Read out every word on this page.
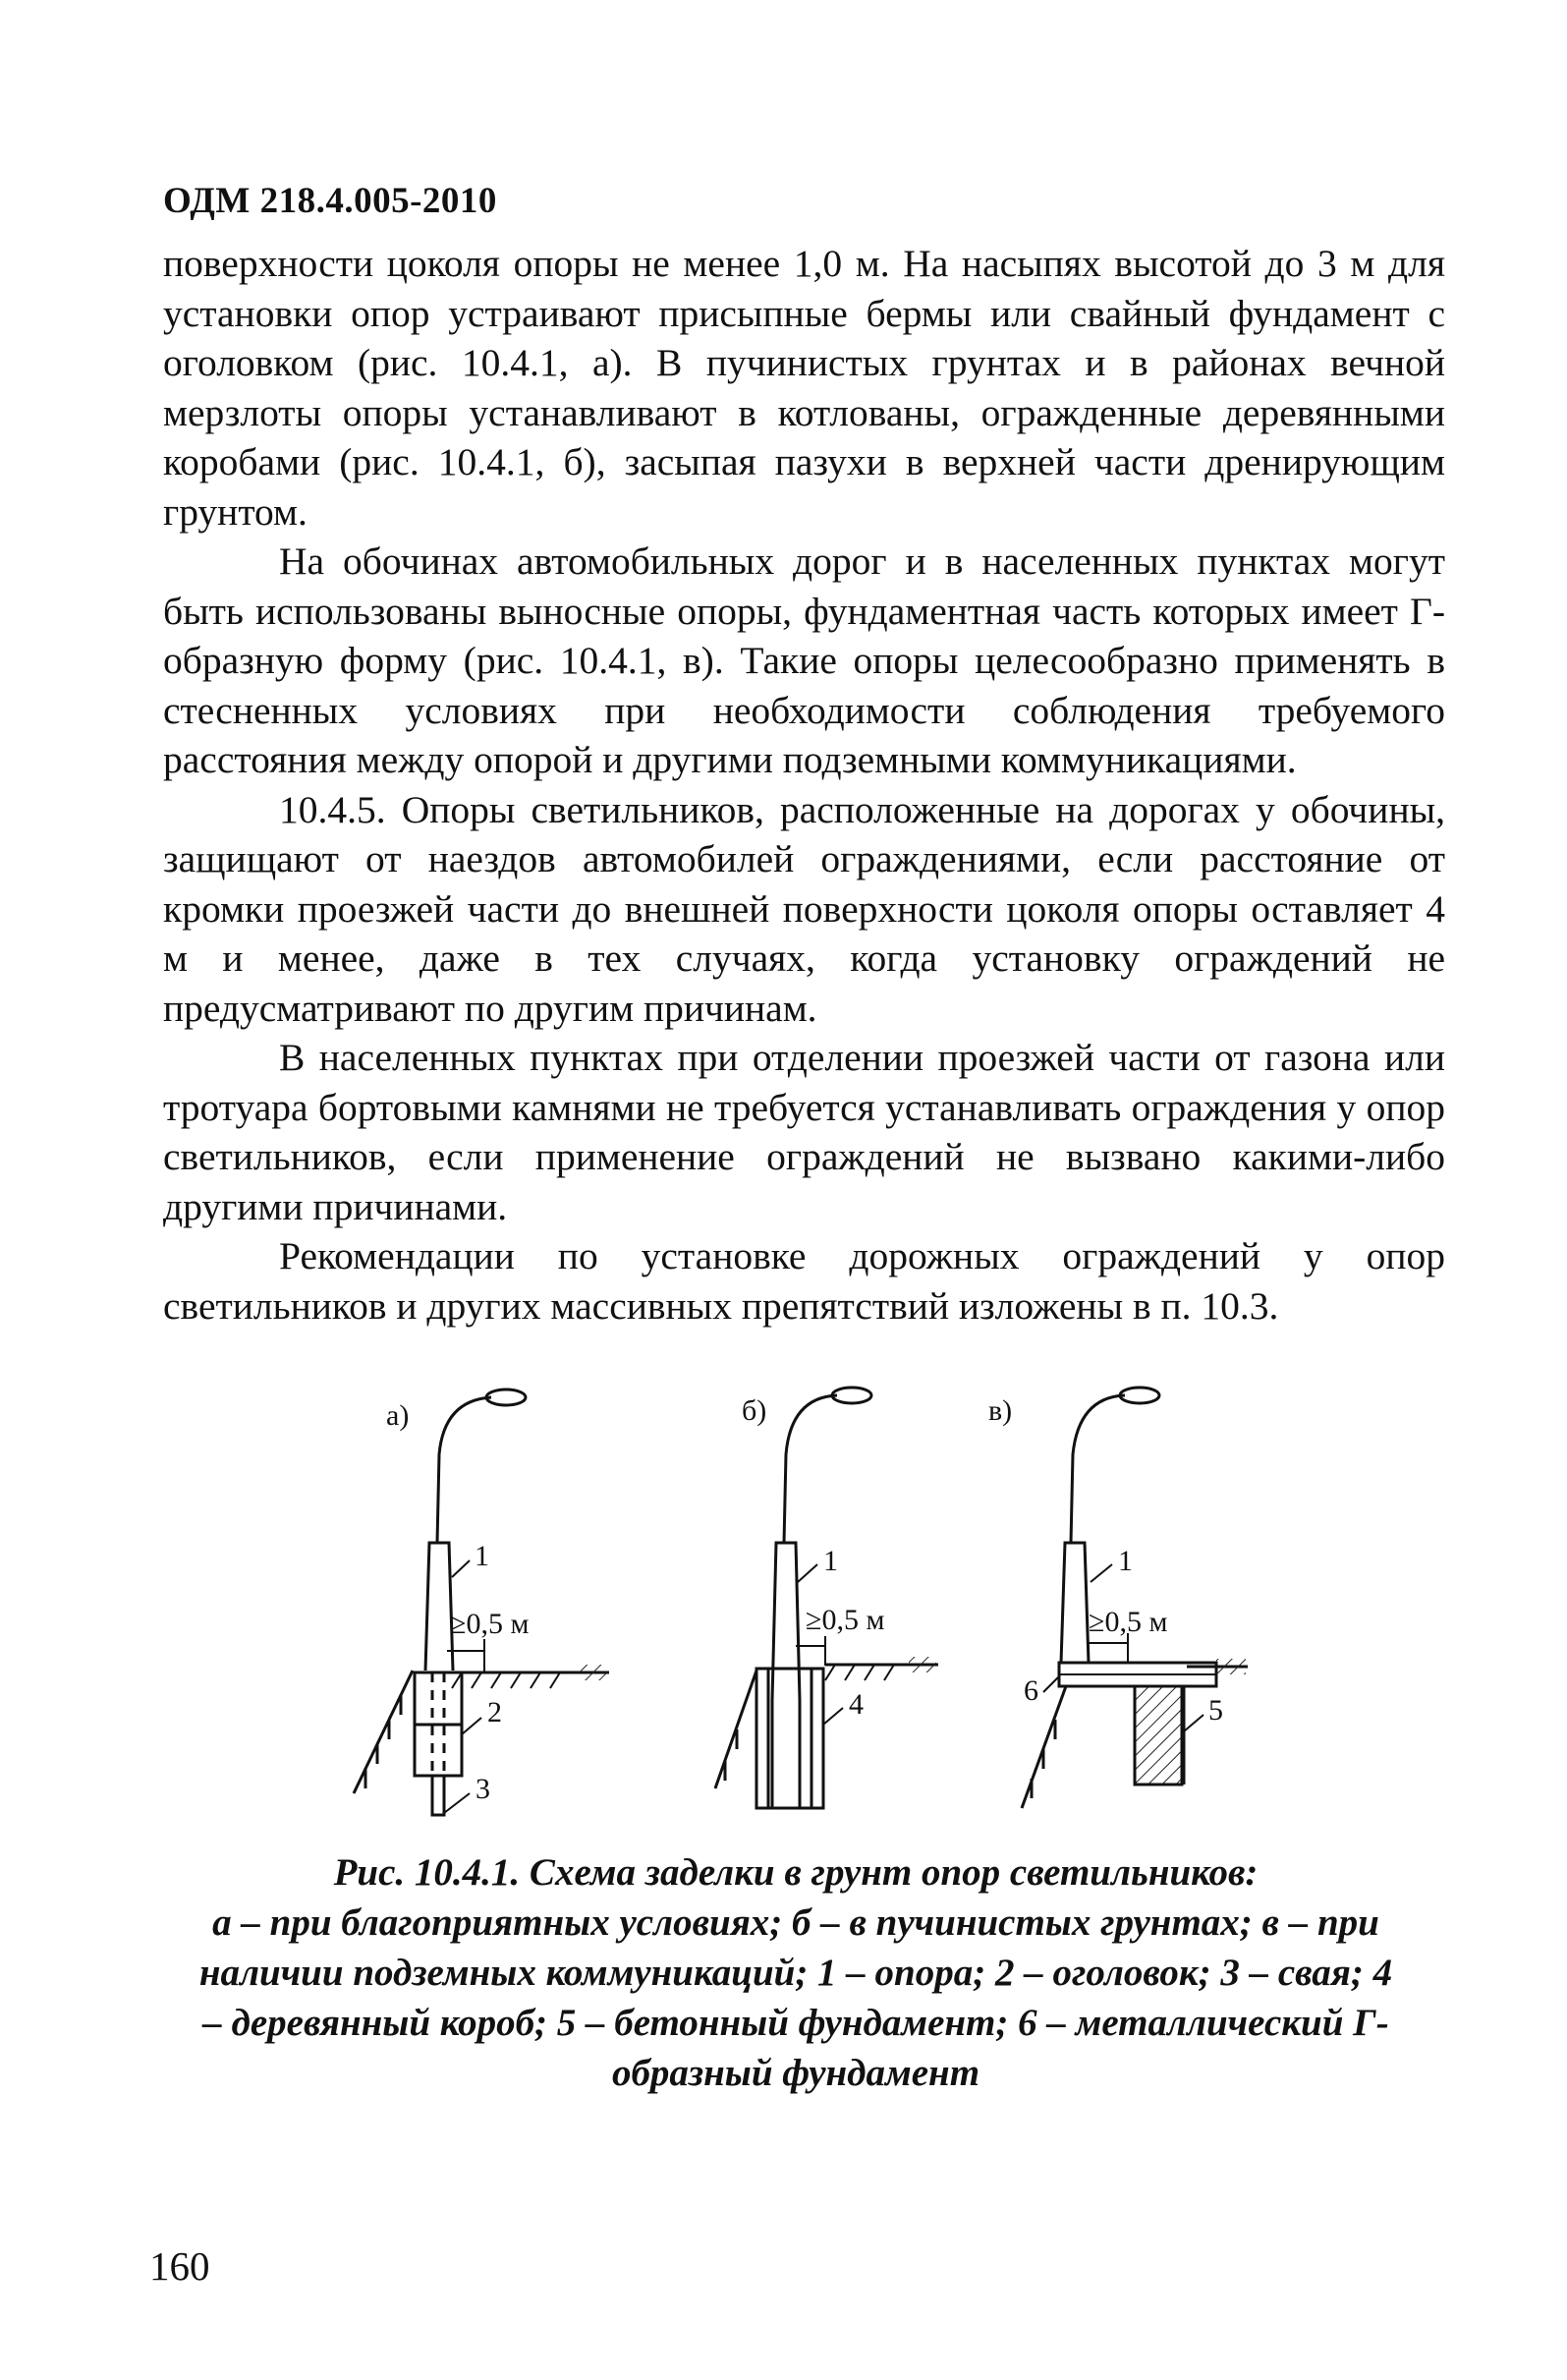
ОДМ 218.4.005-2010

поверхности цоколя опоры не менее 1,0 м. На насыпях высотой до 3 м для установки опор устраивают присыпные бермы или свайный фундамент с оголовком (рис. 10.4.1, а). В пучинистых грунтах и в районах вечной мерзлоты опоры устанавливают в котлованы, огражденные деревянными коробами (рис. 10.4.1, б), засыпая пазухи в верхней части дренирующим грунтом.

На обочинах автомобильных дорог и в населенных пунктах могут быть использованы выносные опоры, фундаментная часть которых имеет Г-образную форму (рис. 10.4.1, в). Такие опоры целесообразно применять в стесненных условиях при необходимости соблюдения требуемого расстояния между опорой и другими подземными коммуникациями.

10.4.5. Опоры светильников, расположенные на дорогах у обочины, защищают от наездов автомобилей ограждениями, если расстояние от кромки проезжей части до внешней поверхности цоколя опоры оставляет 4 м и менее, даже в тех случаях, когда установку ограждений не предусматривают по другим причинам.

В населенных пунктах при отделении проезжей части от газона или тротуара бортовыми камнями не требуется устанавливать ограждения у опор светильников, если применение ограждений не вызвано какими-либо другими причинами.

Рекомендации по установке дорожных ограждений у опор светильников и других массивных препятствий изложены в п. 10.3.

а)
≥0,5 м
1
2
3
б)
≥0,5 м
1
4
в)
≥0,5 м
1
5
6
Рис. 10.4.1. Схема заделки в грунт опор светильников:
а – при благоприятных условиях; б – в пучинистых грунтах; в – при наличии подземных коммуникаций; 1 – опора; 2 – оголовок; 3 – свая; 4 – деревянный короб; 5 – бетонный фундамент; 6 – металлический Г-образный фундамент
160
